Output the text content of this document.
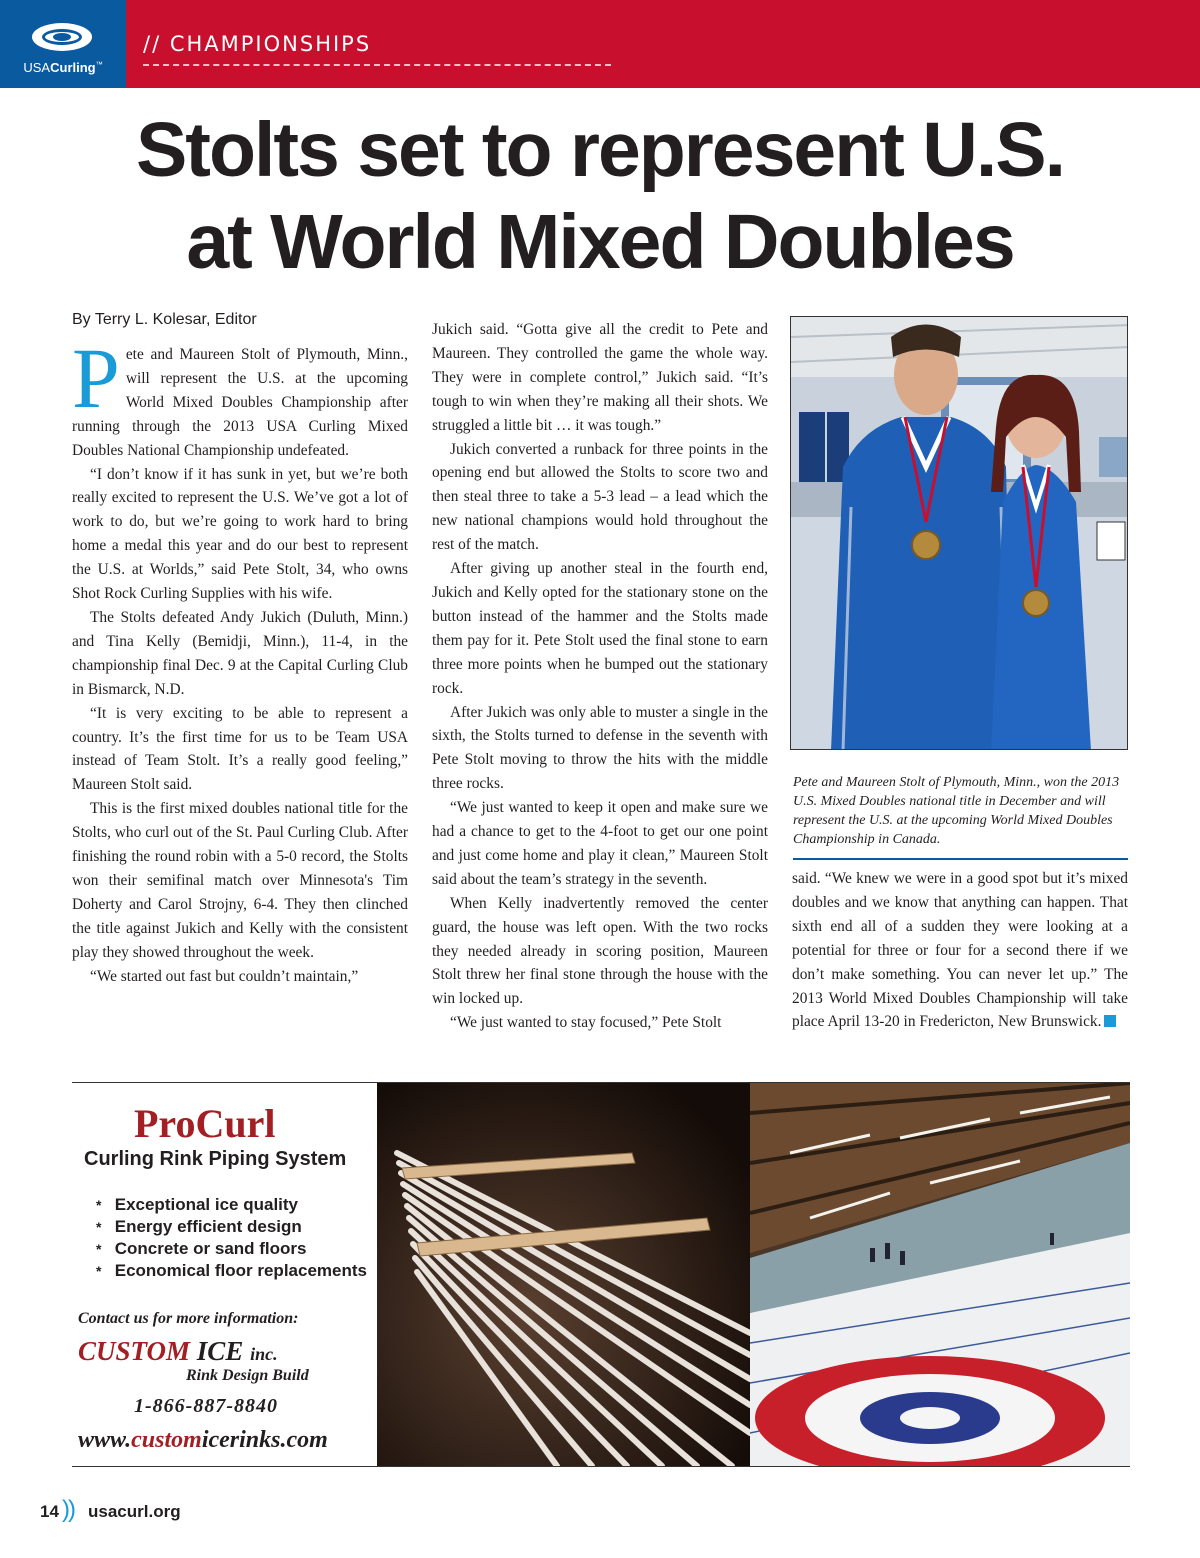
USACurling™
// CHAMPIONSHIPS
Stolts set to represent U.S.
at World Mixed Doubles
By Terry L. Kolesar, Editor
P ete and Maureen Stolt of Plymouth, Minn., will represent the U.S. at the upcoming World Mixed Doubles Championship after running through the 2013 USA Curling Mixed Doubles National Championship undefeated.

“I don’t know if it has sunk in yet, but we’re both really excited to represent the U.S. We’ve got a lot of work to do, but we’re going to work hard to bring home a medal this year and do our best to represent the U.S. at Worlds,” said Pete Stolt, 34, who owns Shot Rock Curling Supplies with his wife.

The Stolts defeated Andy Jukich (Duluth, Minn.) and Tina Kelly (Bemidji, Minn.), 11-4, in the championship final Dec. 9 at the Capital Curling Club in Bismarck, N.D.

“It is very exciting to be able to represent a country. It’s the first time for us to be Team USA instead of Team Stolt. It’s a really good feeling,” Maureen Stolt said.

This is the first mixed doubles national title for the Stolts, who curl out of the St. Paul Curling Club. After finishing the round robin with a 5-0 record, the Stolts won their semifinal match over Minnesota's Tim Doherty and Carol Strojny, 6-4. They then clinched the title against Jukich and Kelly with the consistent play they showed throughout the week.

“We started out fast but couldn’t maintain,”

Jukich said. “Gotta give all the credit to Pete and Maureen. They controlled the game the whole way. They were in complete control,” Jukich said. “It’s tough to win when they’re making all their shots. We struggled a little bit … it was tough.”

Jukich converted a runback for three points in the opening end but allowed the Stolts to score two and then steal three to take a 5-3 lead – a lead which the new national champions would hold throughout the rest of the match.

After giving up another steal in the fourth end, Jukich and Kelly opted for the stationary stone on the button instead of the hammer and the Stolts made them pay for it. Pete Stolt used the final stone to earn three more points when he bumped out the stationary rock.

After Jukich was only able to muster a single in the sixth, the Stolts turned to defense in the seventh with Pete Stolt moving to throw the hits with the middle three rocks.

“We just wanted to keep it open and make sure we had a chance to get to the 4-foot to get our one point and just come home and play it clean,” Maureen Stolt said about the team’s strategy in the seventh.

When Kelly inadvertently removed the center guard, the house was left open. With the two rocks they needed already in scoring position, Maureen Stolt threw her final stone through the house with the win locked up.

“We just wanted to stay focused,” Pete Stolt

Pete and Maureen Stolt of Plymouth, Minn., won the 2013 U.S. Mixed Doubles national title in December and will represent the U.S. at the upcoming World Mixed Doubles Championship in Canada.

said. “We knew we were in a good spot but it’s mixed doubles and we know that anything can happen. That sixth end all of a sudden they were looking at a potential for three or four for a second there if we don’t make something. You can never let up.” The 2013 World Mixed Doubles Championship will take place April 13-20 in Fredericton, New Brunswick.

ProCurl
Curling Rink Piping System
* Exceptional ice quality
* Energy efficient design
* Concrete or sand floors
* Economical floor replacements
Contact us for more information:
CUSTOM ICE inc.
Rink Design Build
1-866-887-8840
www.customicerinks.com
14 )) usacurl.org
